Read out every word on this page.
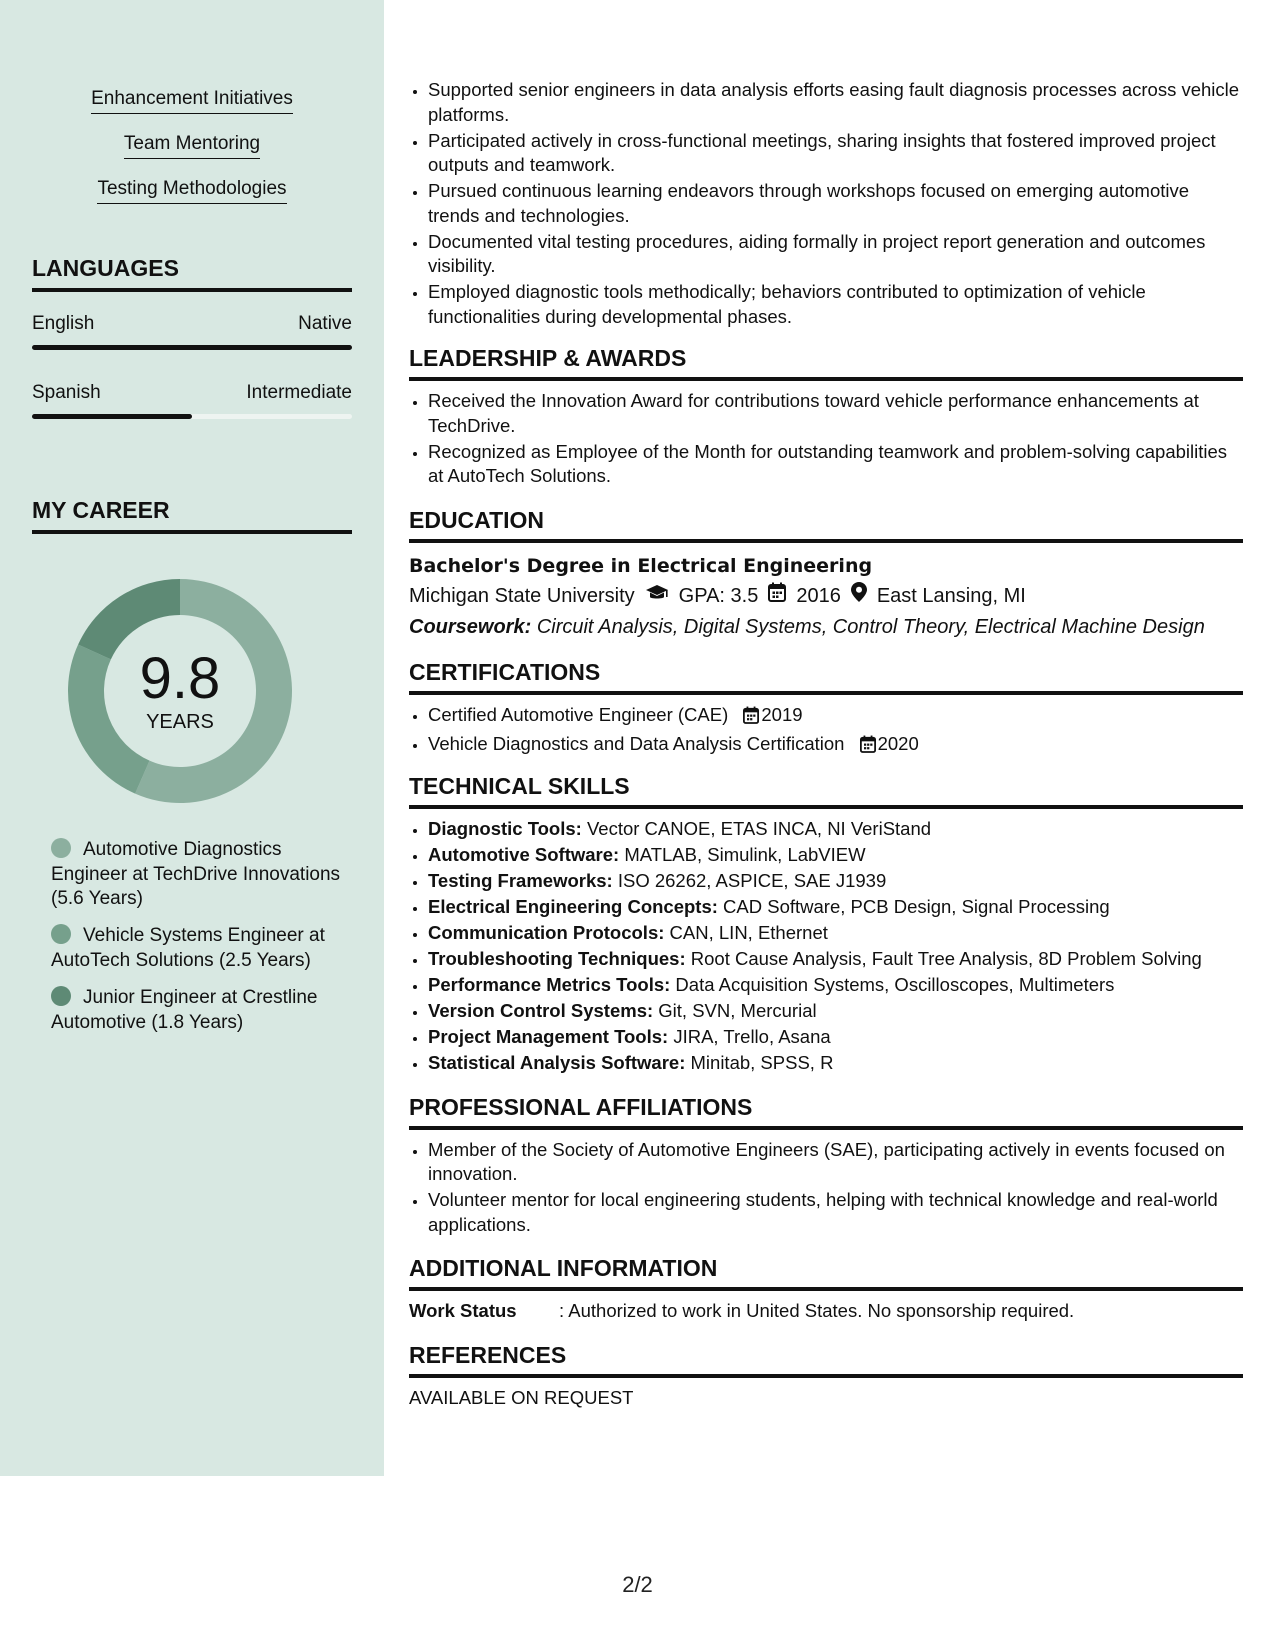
Enhancement Initiatives
Team Mentoring
Testing Methodologies
LANGUAGES
English	Native
Spanish	Intermediate
MY CAREER
9.8
YEARS
Automotive Diagnostics Engineer at TechDrive Innovations (5.6 Years)
Vehicle Systems Engineer at AutoTech Solutions (2.5 Years)
Junior Engineer at Crestline Automotive (1.8 Years)
• Supported senior engineers in data analysis efforts easing fault diagnosis processes across vehicle platforms.
• Participated actively in cross-functional meetings, sharing insights that fostered improved project outputs and teamwork.
• Pursued continuous learning endeavors through workshops focused on emerging automotive trends and technologies.
• Documented vital testing procedures, aiding formally in project report generation and outcomes visibility.
• Employed diagnostic tools methodically; behaviors contributed to optimization of vehicle functionalities during developmental phases.
LEADERSHIP & AWARDS
• Received the Innovation Award for contributions toward vehicle performance enhancements at TechDrive.
• Recognized as Employee of the Month for outstanding teamwork and problem-solving capabilities at AutoTech Solutions.
EDUCATION
Bachelor's Degree in Electrical Engineering
Michigan State University GPA: 3.5 2016 East Lansing, MI
Coursework: Circuit Analysis, Digital Systems, Control Theory, Electrical Machine Design
CERTIFICATIONS
• Certified Automotive Engineer (CAE) 2019
• Vehicle Diagnostics and Data Analysis Certification 2020
TECHNICAL SKILLS
• Diagnostic Tools: Vector CANOE, ETAS INCA, NI VeriStand
• Automotive Software: MATLAB, Simulink, LabVIEW
• Testing Frameworks: ISO 26262, ASPICE, SAE J1939
• Electrical Engineering Concepts: CAD Software, PCB Design, Signal Processing
• Communication Protocols: CAN, LIN, Ethernet
• Troubleshooting Techniques: Root Cause Analysis, Fault Tree Analysis, 8D Problem Solving
• Performance Metrics Tools: Data Acquisition Systems, Oscilloscopes, Multimeters
• Version Control Systems: Git, SVN, Mercurial
• Project Management Tools: JIRA, Trello, Asana
• Statistical Analysis Software: Minitab, SPSS, R
PROFESSIONAL AFFILIATIONS
• Member of the Society of Automotive Engineers (SAE), participating actively in events focused on innovation.
• Volunteer mentor for local engineering students, helping with technical knowledge and real-world applications.
ADDITIONAL INFORMATION
Work Status	: Authorized to work in United States. No sponsorship required.
REFERENCES
AVAILABLE ON REQUEST
2/2
